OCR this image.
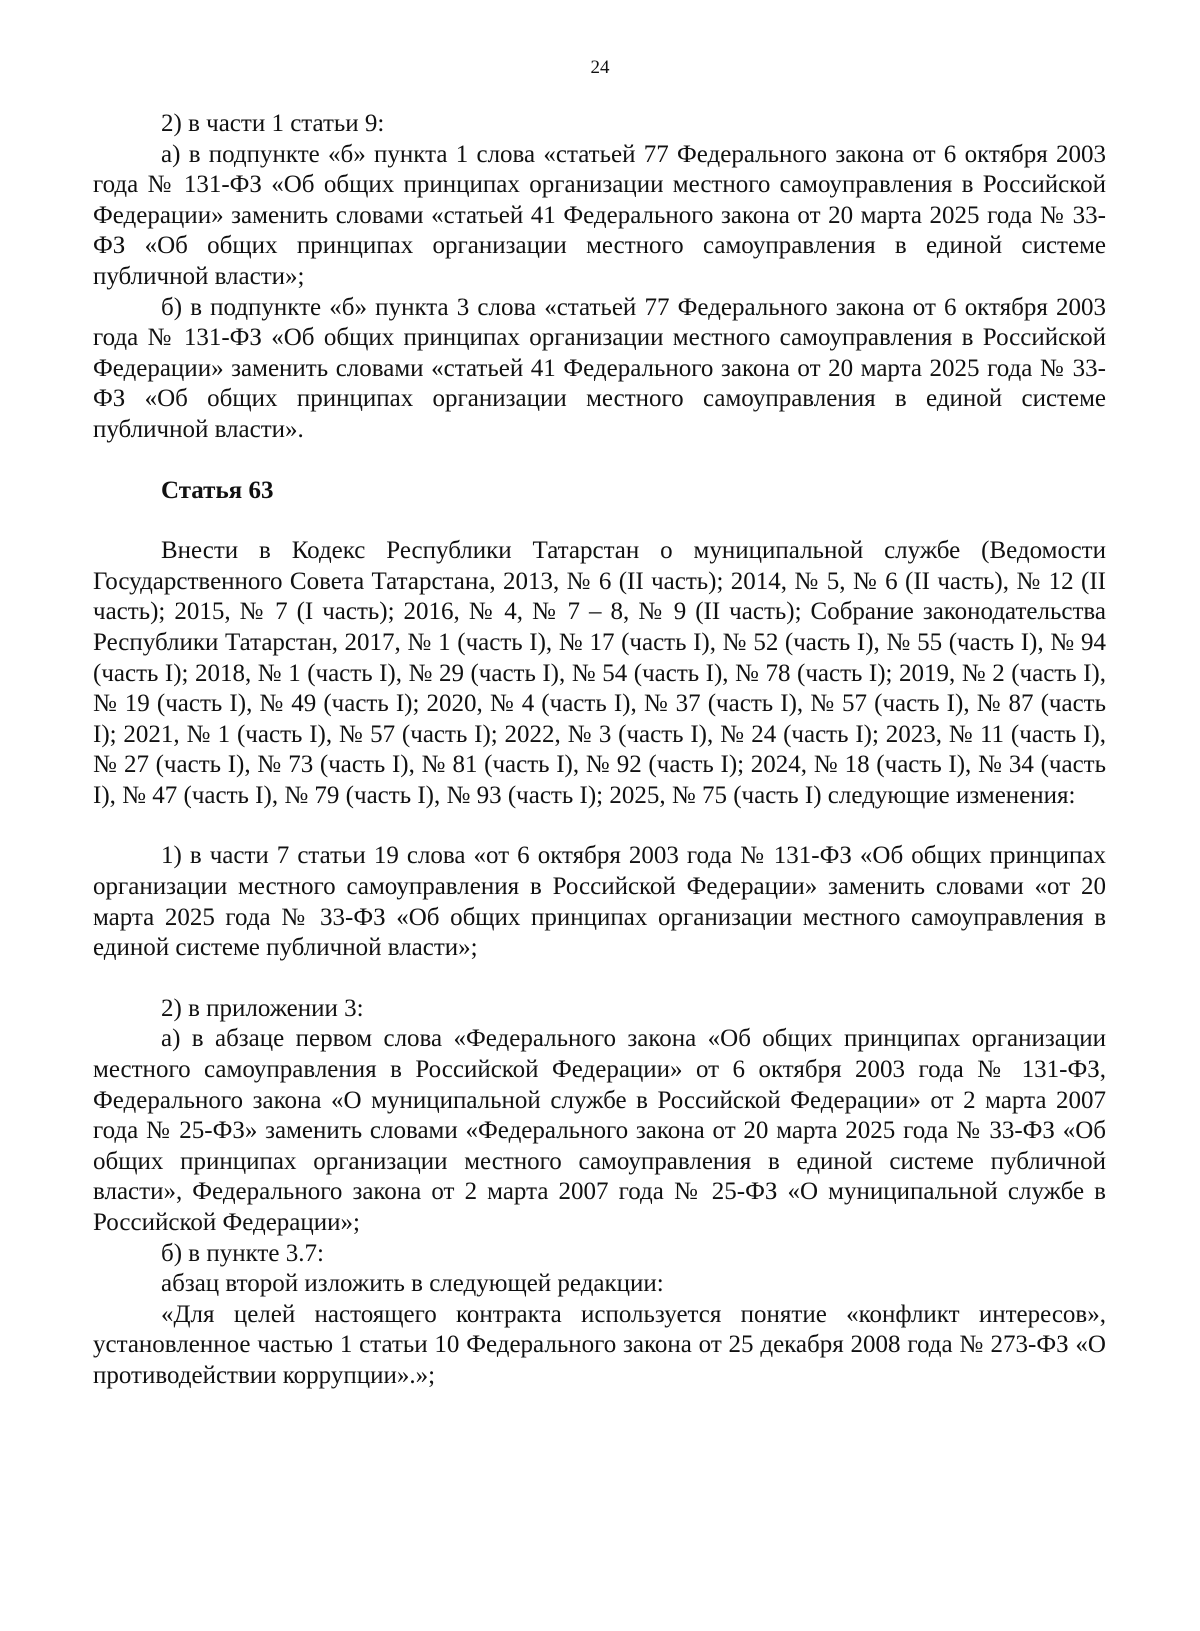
24

2) в части 1 статьи 9:

а) в подпункте «б» пункта 1 слова «статьей 77 Федерального закона от 6 октября 2003 года № 131-ФЗ «Об общих принципах организации местного самоуправления в Российской Федерации» заменить словами «статьей 41 Федерального закона от 20 марта 2025 года № 33-ФЗ «Об общих принципах организации местного самоуправления в единой системе публичной власти»;

б) в подпункте «б» пункта 3 слова «статьей 77 Федерального закона от 6 октября 2003 года № 131-ФЗ «Об общих принципах организации местного самоуправления в Российской Федерации» заменить словами «статьей 41 Федерального закона от 20 марта 2025 года № 33-ФЗ «Об общих принципах организации местного самоуправления в единой системе публичной власти».

Статья 63

Внести в Кодекс Республики Татарстан о муниципальной службе (Ведомости Государственного Совета Татарстана, 2013, № 6 (II часть); 2014, № 5, № 6 (II часть), № 12 (II часть); 2015, № 7 (I часть); 2016, № 4, № 7 – 8, № 9 (II часть); Собрание законодательства Республики Татарстан, 2017, № 1 (часть I), № 17 (часть I), № 52 (часть I), № 55 (часть I), № 94 (часть I); 2018, № 1 (часть I), № 29 (часть I), № 54 (часть I), № 78 (часть I); 2019, № 2 (часть I), № 19 (часть I), № 49 (часть I); 2020, № 4 (часть I), № 37 (часть I), № 57 (часть I), № 87 (часть I); 2021, № 1 (часть I), № 57 (часть I); 2022, № 3 (часть I), № 24 (часть I); 2023, № 11 (часть I), № 27 (часть I), № 73 (часть I), № 81 (часть I), № 92 (часть I); 2024, № 18 (часть I), № 34 (часть I), № 47 (часть I), № 79 (часть I), № 93 (часть I); 2025, № 75 (часть I) следующие изменения:

1) в части 7 статьи 19 слова «от 6 октября 2003 года № 131-ФЗ «Об общих принципах организации местного самоуправления в Российской Федерации» заменить словами «от 20 марта 2025 года № 33-ФЗ «Об общих принципах организации местного самоуправления в единой системе публичной власти»;

2) в приложении 3:

а) в абзаце первом слова «Федерального закона «Об общих принципах организации местного самоуправления в Российской Федерации» от 6 октября 2003 года № 131-ФЗ, Федерального закона «О муниципальной службе в Российской Федерации» от 2 марта 2007 года № 25-ФЗ» заменить словами «Федерального закона от 20 марта 2025 года № 33-ФЗ «Об общих принципах организации местного самоуправления в единой системе публичной власти», Федерального закона от 2 марта 2007 года № 25-ФЗ «О муниципальной службе в Российской Федерации»;

б) в пункте 3.7:

абзац второй изложить в следующей редакции:

«Для целей настоящего контракта используется понятие «конфликт интересов», установленное частью 1 статьи 10 Федерального закона от 25 декабря 2008 года № 273-ФЗ «О противодействии коррупции».»;
